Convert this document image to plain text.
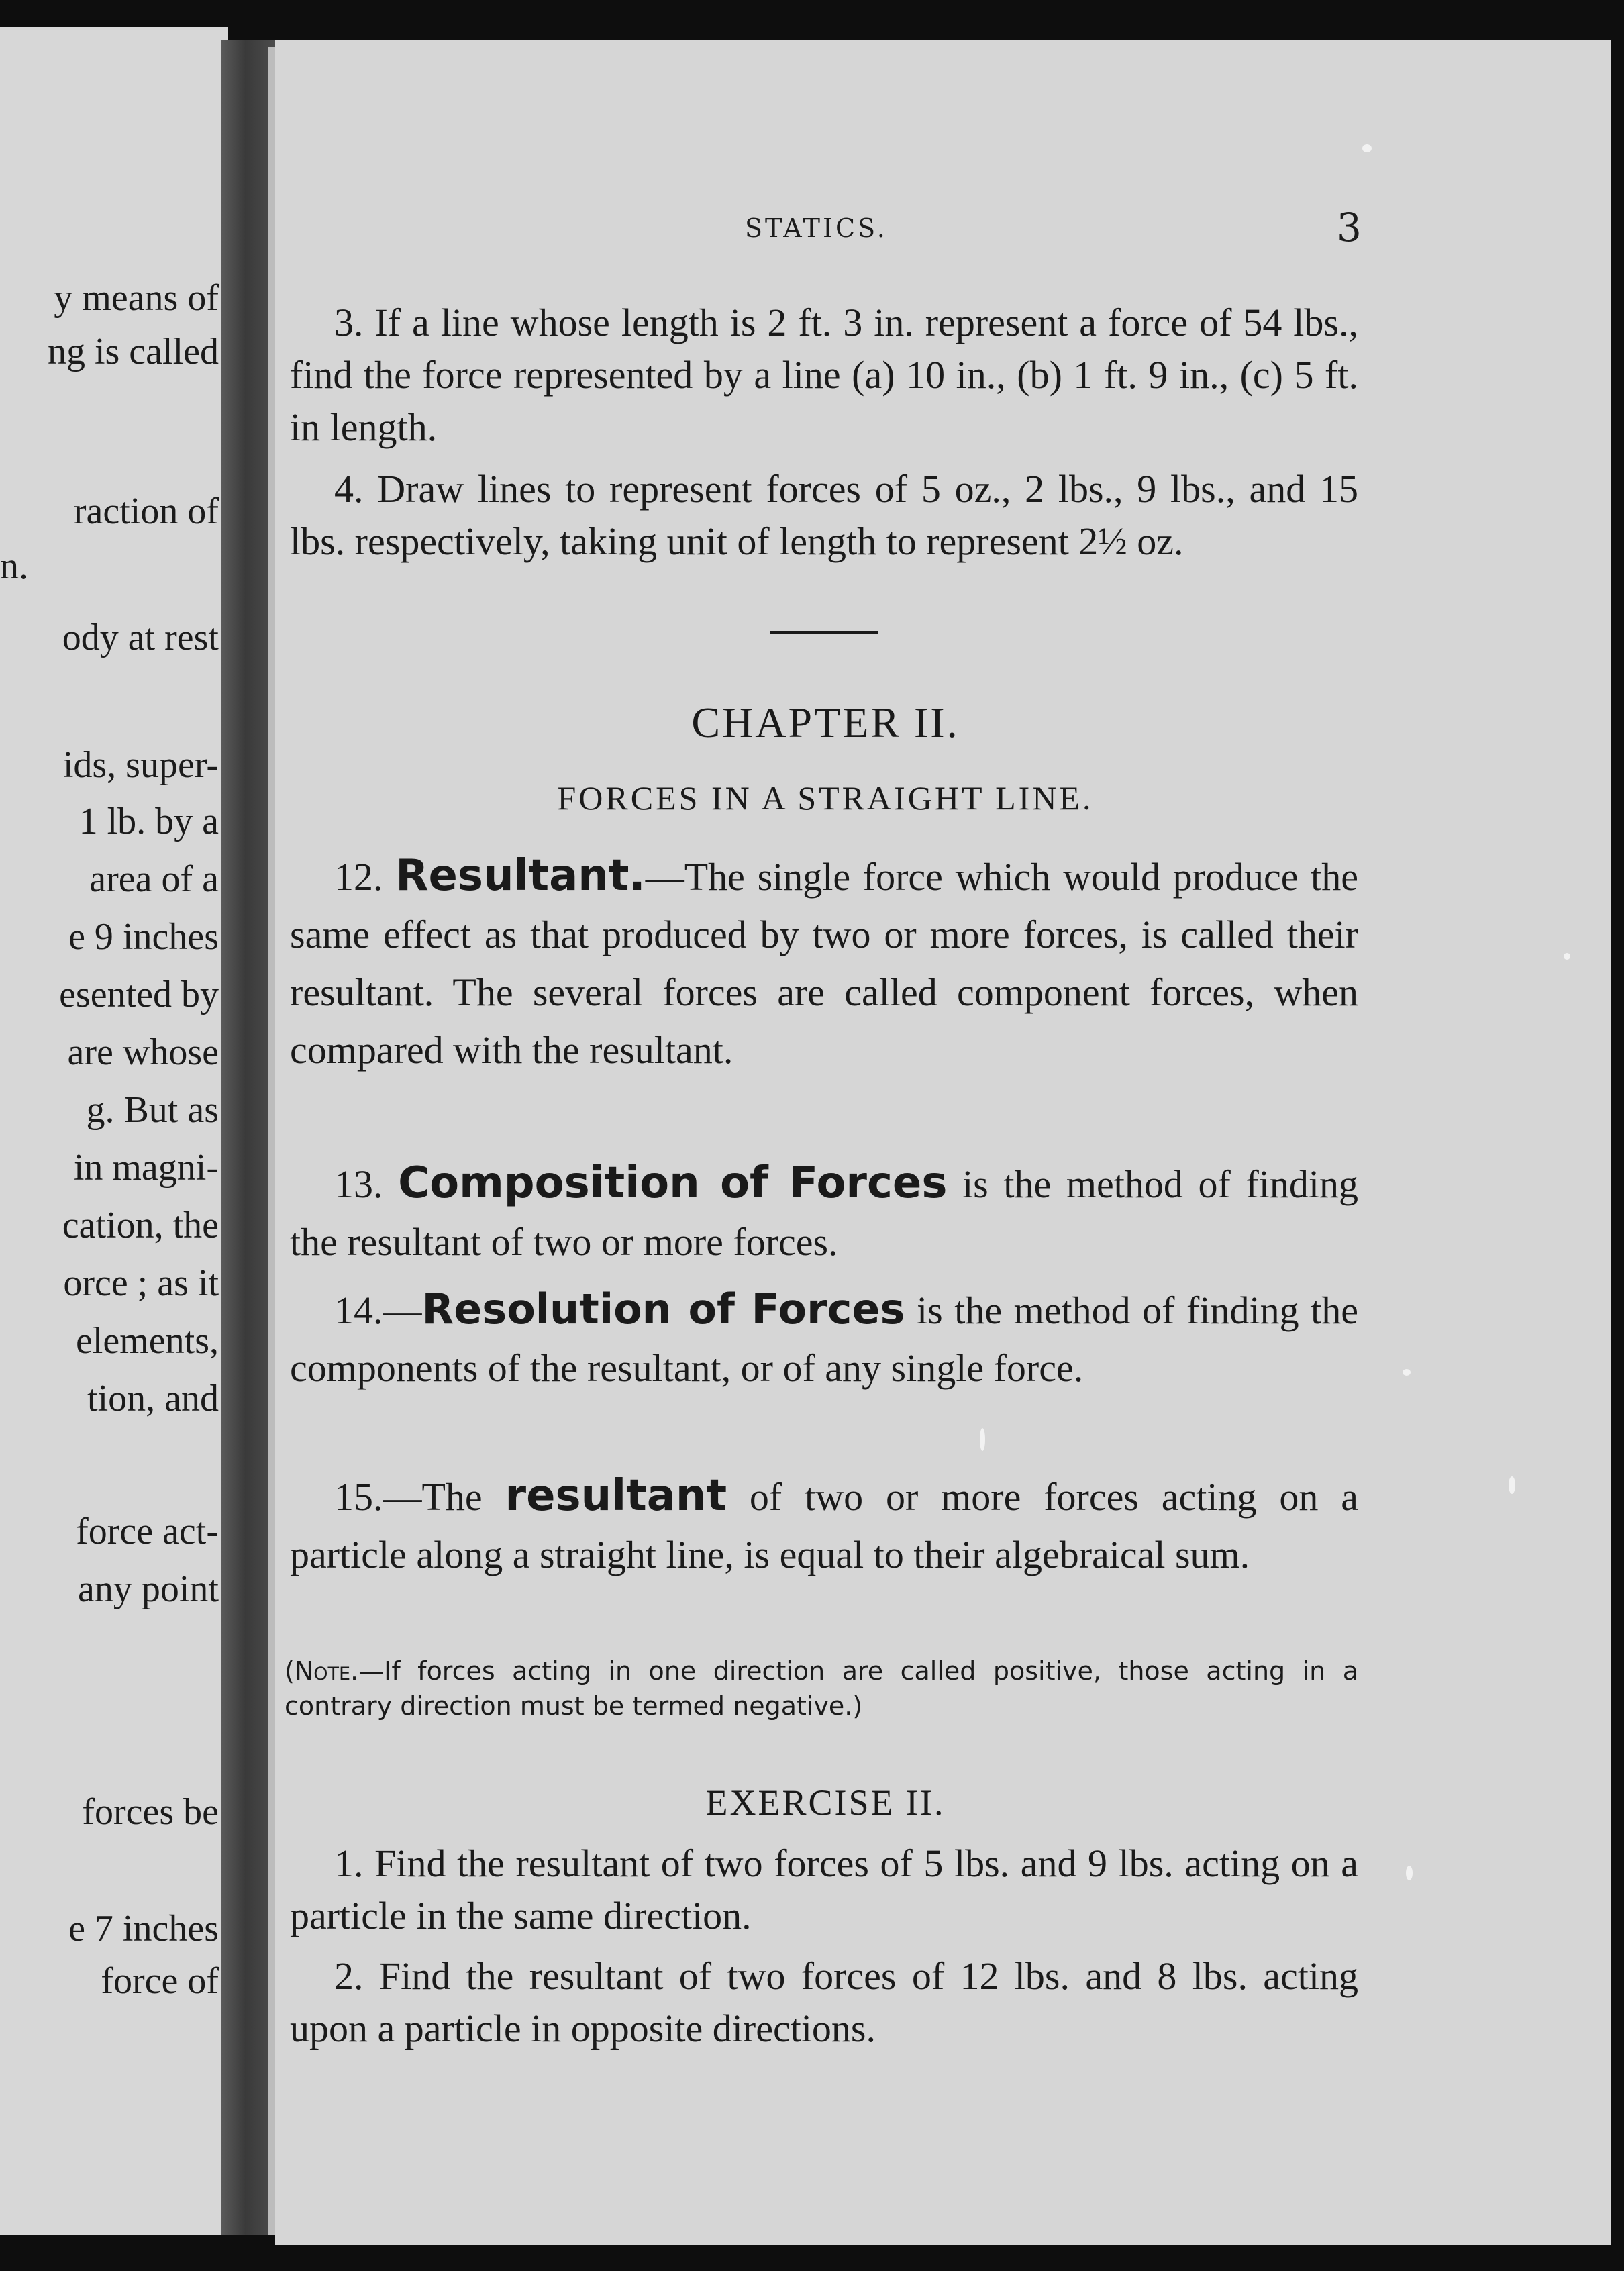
y means of
ng is called
raction of
n.
ody at rest
ids, super-
1 lb. by a
area of a
e 9 inches
esented by
are whose
g. But as
in magni-
cation, the
orce ; as it
elements,
tion, and
force act-
any point
forces be
e 7 inches
force of
STATICS.	3

3. If a line whose length is 2 ft. 3 in. represent a force of 54 lbs., find the force represented by a line (a) 10 in., (b) 1 ft. 9 in., (c) 5 ft. in length.

4. Draw lines to represent forces of 5 oz., 2 lbs., 9 lbs., and 15 lbs. respectively, taking unit of length to represent 2½ oz.

CHAPTER II.
FORCES IN A STRAIGHT LINE.

12. Resultant.—The single force which would produce the same effect as that produced by two or more forces, is called their resultant. The several forces are called component forces, when compared with the resultant.

13. Composition of Forces is the method of finding the resultant of two or more forces.

14.—Resolution of Forces is the method of finding the components of the resultant, or of any single force.

15.—The resultant of two or more forces acting on a particle along a straight line, is equal to their algebraical sum.

(Note.—If forces acting in one direction are called positive, those acting in a contrary direction must be termed negative.)

EXERCISE II.

1. Find the resultant of two forces of 5 lbs. and 9 lbs. acting on a particle in the same direction.

2. Find the resultant of two forces of 12 lbs. and 8 lbs. acting upon a particle in opposite directions.
